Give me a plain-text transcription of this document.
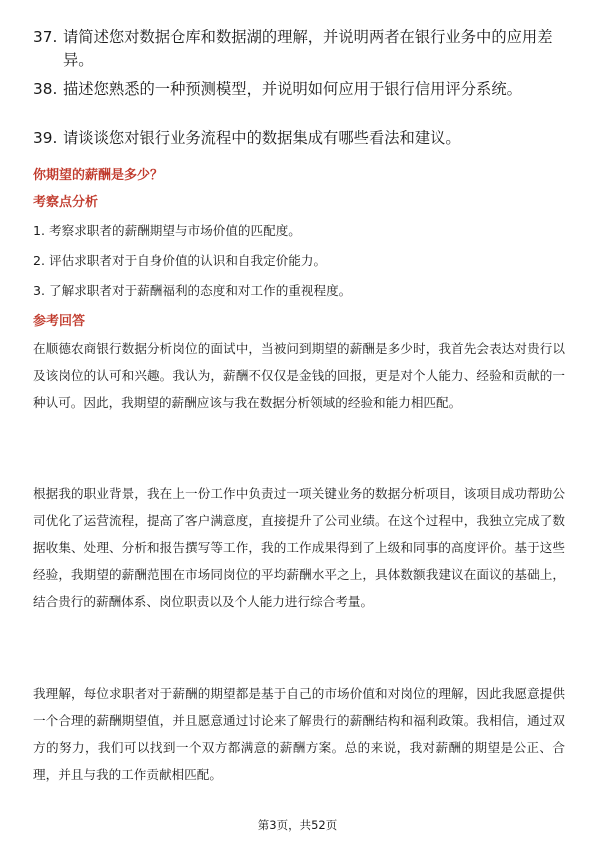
37. 请简述您对数据仓库和数据湖的理解，并说明两者在银行业务中的应用差异。
38. 描述您熟悉的一种预测模型，并说明如何应用于银行信用评分系统。
39. 请谈谈您对银行业务流程中的数据集成有哪些看法和建议。
你期望的薪酬是多少？
考察点分析
1. 考察求职者的薪酬期望与市场价值的匹配度。
2. 评估求职者对于自身价值的认识和自我定价能力。
3. 了解求职者对于薪酬福利的态度和对工作的重视程度。
参考回答
在顺德农商银行数据分析岗位的面试中，当被问到期望的薪酬是多少时，我首先会表达对贵行以及该岗位的认可和兴趣。我认为，薪酬不仅仅是金钱的回报，更是对个人能力、经验和贡献的一种认可。因此，我期望的薪酬应该与我在数据分析领域的经验和能力相匹配。
根据我的职业背景，我在上一份工作中负责过一项关键业务的数据分析项目，该项目成功帮助公司优化了运营流程，提高了客户满意度，直接提升了公司业绩。在这个过程中，我独立完成了数据收集、处理、分析和报告撰写等工作，我的工作成果得到了上级和同事的高度评价。基于这些经验，我期望的薪酬范围在市场同岗位的平均薪酬水平之上，具体数额我建议在面议的基础上，结合贵行的薪酬体系、岗位职责以及个人能力进行综合考量。
我理解，每位求职者对于薪酬的期望都是基于自己的市场价值和对岗位的理解，因此我愿意提供一个合理的薪酬期望值，并且愿意通过讨论来了解贵行的薪酬结构和福利政策。我相信，通过双方的努力，我们可以找到一个双方都满意的薪酬方案。总的来说，我对薪酬的期望是公正、合理，并且与我的工作贡献相匹配。
第3页，共52页
